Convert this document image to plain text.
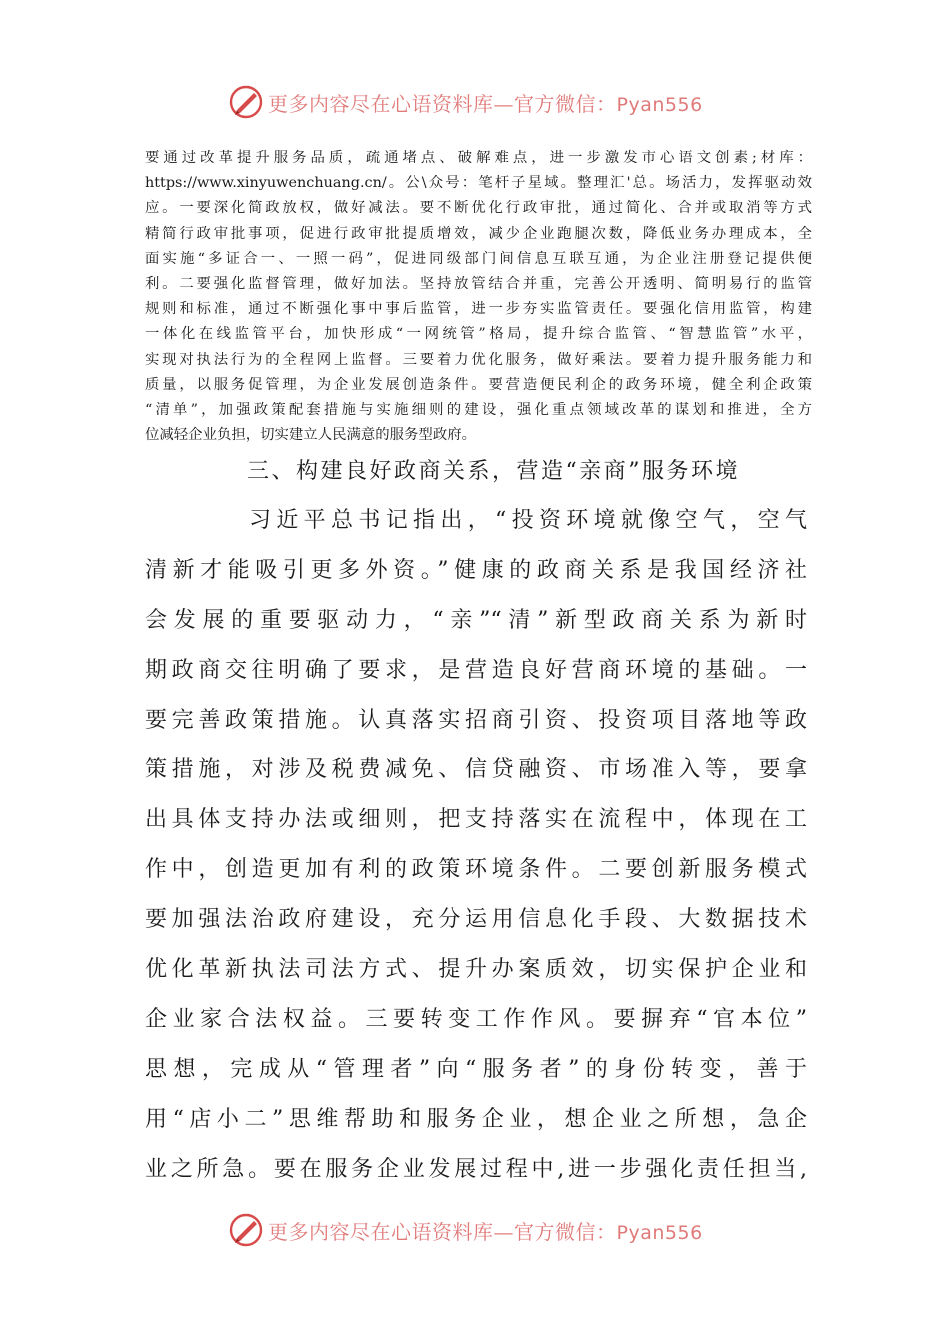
更多内容尽在心语资料库—官方微信：Pyan556
要通过改革提升服务品质，疏通堵点、破解难点，进一步激发市心语文创素;材库：
https://www.xinyuwenchuang.cn/。公\众号：笔杆子星域。整理汇'总。场活力，发挥驱动效
应。一要深化简政放权，做好减法。要不断优化行政审批，通过简化、合并或取消等方式
精简行政审批事项，促进行政审批提质增效，减少企业跑腿次数，降低业务办理成本，全
面实施“多证合一、一照一码”，促进同级部门间信息互联互通，为企业注册登记提供便
利。二要强化监督管理，做好加法。坚持放管结合并重，完善公开透明、简明易行的监管
规则和标准，通过不断强化事中事后监管，进一步夯实监管责任。要强化信用监管，构建
一体化在线监管平台，加快形成“一网统管”格局，提升综合监管、“智慧监管”水平，
实现对执法行为的全程网上监督。三要着力优化服务，做好乘法。要着力提升服务能力和
质量，以服务促管理，为企业发展创造条件。要营造便民利企的政务环境，健全利企政策
“清单”，加强政策配套措施与实施细则的建设，强化重点领域改革的谋划和推进，全方
位减轻企业负担，切实建立人民满意的服务型政府。
三、构建良好政商关系，营造“亲商”服务环境
习近平总书记指出，“投资环境就像空气，空气
清新才能吸引更多外资。”健康的政商关系是我国经济社
会发展的重要驱动力，“亲”“清”新型政商关系为新时
期政商交往明确了要求，是营造良好营商环境的基础。一
要完善政策措施。认真落实招商引资、投资项目落地等政
策措施，对涉及税费减免、信贷融资、市场准入等，要拿
出具体支持办法或细则，把支持落实在流程中，体现在工
作中，创造更加有利的政策环境条件。二要创新服务模式
要加强法治政府建设，充分运用信息化手段、大数据技术
优化革新执法司法方式、提升办案质效，切实保护企业和
企业家合法权益。三要转变工作作风。要摒弃“官本位”
思想，完成从“管理者”向“服务者”的身份转变，善于
用“店小二”思维帮助和服务企业，想企业之所想，急企
业之所急。要在服务企业发展过程中,进一步强化责任担当,
更多内容尽在心语资料库—官方微信：Pyan556
